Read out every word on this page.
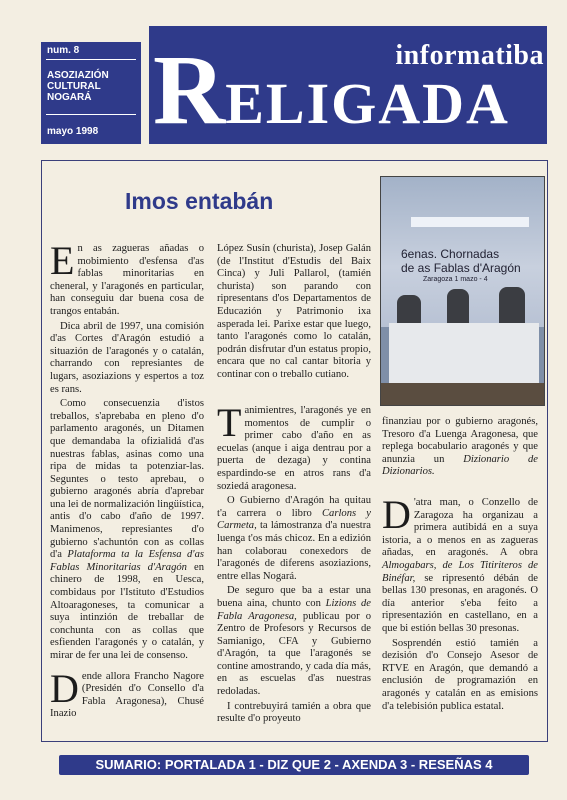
num. 8
ASOZIAZIÓN
CULTURAL
NOGARÁ
mayo 1998
informatiba
RELIGADA
Imos entabán

En as zagueras añadas o mobimiento d'esfensa d'as fablas minoritarias en cheneral, y l'aragonés en particular, han conseguiu dar buena cosa de trangos entabán.

Dica abril de 1997, una comisión d'as Cortes d'Aragón estudió a situazión de l'aragonés y o catalán, charrando con represiantes de lugars, asoziazions y espertos a toz es rans.

Como consecuenzia d'istos treballos, s'aprebaba en pleno d'o parlamento aragonés, un Ditamen que demandaba la ofizialidá d'as nuestras fablas, asinas como una ripa de midas ta potenziar-las. Seguntes o testo aprebau, o gubierno aragonés abría d'aprebar una lei de normalización lingüística, antis d'o cabo d'año de 1997. Manimenos, represiantes d'o gubierno s'achuntón con as collas d'a Plataforma ta la Esfensa d'as Fablas Minoritarias d'Aragón en chinero de 1998, en Uesca, combidaus por l'Istituto d'Estudios Altoaragoneses, ta comunicar a suya intinzión de treballar de conchunta con as collas que esfienden l'aragonés y o catalán, y mirar de fer una lei de consenso.

Dende allora Francho Nagore (Presidén d'o Consello d'a Fabla Aragonesa), Chusé Inazio

López Susín (churista), Josep Galán (de l'Institut d'Estudis del Baix Cinca) y Juli Pallarol, (tamién churista) son parando con ripresentans d'os Departamentos de Educazión y Patrimonio ixa asperada lei. Parixe estar que luego, tanto l'aragonés como lo catalán, podrán disfrutar d'un estatus propio, encara que no cal cantar bitoria y continar con o treballo cutiano.

Tanimientres, l'aragonés ye en momentos de cumplir o primer cabo d'año en as ecuelas (anque i aiga dentrau por a puerta de dezaga) y contina espardindo-se en atros rans d'a soziedá aragonesa.

O Gubierno d'Aragón ha quitau t'a carrera o libro Carlons y Carmeta, ta lámostranza d'a nuestra luenga t'os más chicoz. En a edizión han colaborau conexedors de l'aragonés de diferens asoziazions, entre ellas Nogará.

De seguro que ba a estar una buena aina, chunto con Lizions de Fabla Aragonesa, publicau por o Zentro de Profesors y Recursos de Samianigo, CFA y Gubierno d'Aragón, ta que l'aragonés se contine amostrando, y cada día más, en as escuelas d'as nuestras redoladas.

I contrebuyirá tamién a obra que resulte d'o proyeuto

6enas. Chornadas
de as Fablas d'Aragón
Zaragoza 1 mazo - 4

finanziau por o gubierno aragonés, Tresoro d'a Luenga Aragonesa, que replega bocabulario aragonés y que anunzia un Dizionario de Dizionarios.

D 'atra man, o Conzello de Zaragoza ha organizau a primera autibidá en a suya istoria, a o menos en as zagueras añadas, en aragonés. A obra Almogabars, de Los Titiriteros de Binéfar, se ripresentó débán de bellas 130 presonas, en aragonés. O día anterior s'eba feito a ripresentazión en castellano, en a que bi estión bellas 30 presonas.

Sosprendén estió tamién a dezisión d'o Consejo Asesor de RTVE en Aragón, que demandó a enclusión de programazión en aragonés y catalán en as emisions d'a telebisión publica estatal.

SUMARIO: PORTALADA 1 - DIZ QUE 2 - AXENDA 3 - RESEÑAS 4
